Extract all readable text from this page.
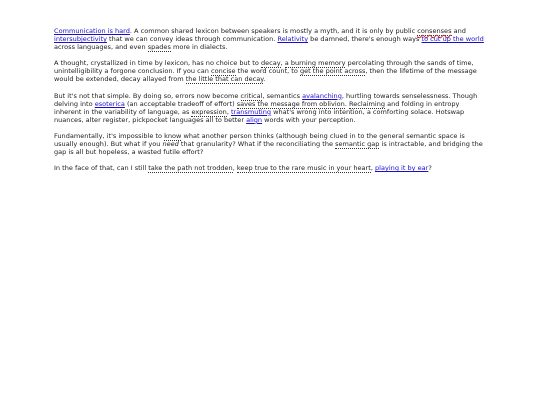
Communication is hard. A common shared lexicon between speakers is mostly a myth, and it is only by public consenses and intersubjectivity that we can convey ideas through communication. Relativity be damned, there's enough ways to cut up the world across languages, and even spades more in dialects.

A thought, crystallized in time by lexicon, has no choice but to decay, a burning memory percolating through the sands of time, unintelligibility a forgone conclusion. If you can concise the word count, to get the point across, then the lifetime of the message would be extended, decay allayed from the little that can decay.

But it's not that simple. By doing so, errors now become critical, semantics avalanching, hurtling towards senselessness. Though delving into esoterica (an acceptable tradeoff of effort) saves the message from oblivion. Reclaiming and folding in entropy inherent in the variability of language, as expression, transmuting what's wrong into intention, a comforting solace. Hotswap nuances, alter register, pickpocket languages all to better align words with your perception.

Fundamentally, it's impossible to know what another person thinks (although being clued in to the general semantic space is usually enough). But what if you need that granularity? What if the reconciliating the semantic gap is intractable, and bridging the gap is all but hopeless, a wasted futile effort?

In the face of that, can I still take the path not trodden, keep true to the rare music in your heart, playing it by ear?
